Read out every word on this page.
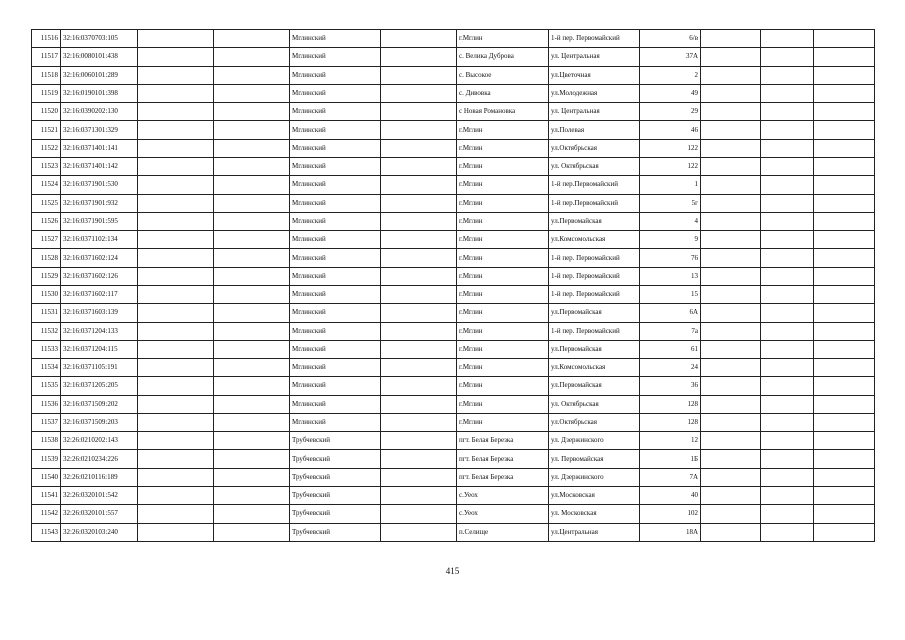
11516	32:16:0370703:105			Мглинский		г.Мглин	1-й пер. Первомайский	6/в			
11517	32:16:0080101:438			Мглинский		с. Велика Дуброва	ул. Центральная	37А			
11518	32:16:0060101:289			Мглинский		с. Высокое	ул.Цветочная	2			
11519	32:16:0190101:398			Мглинский		с. Дивовка	ул.Молодежная	49			
11520	32:16:0390202:130			Мглинский		с Новая Романовка	ул. Центральная	29			
11521	32:16:0371301:329			Мглинский		г.Мглин	ул.Полевая	46			
11522	32:16:0371401:141			Мглинский		г.Мглин	ул.Октябрьская	122			
11523	32:16:0371401:142			Мглинский		г.Мглин	ул. Октябрьская	122			
11524	32:16:0371901:530			Мглинский		г.Мглин	1-й пер.Первомайский	1			
11525	32:16:0371901:932			Мглинский		г.Мглин	1-й пер.Первомайский	5г			
11526	32:16:0371901:595			Мглинский		г.Мглин	ул.Первомайская	4			
11527	32:16:0371102:134			Мглинский		г.Мглин	ул.Комсомольская	9			
11528	32:16:0371602:124			Мглинский		г.Мглин	1-й пер. Первомайский	76			
11529	32:16:0371602:126			Мглинский		г.Мглин	1-й пер. Первомайский	13			
11530	32:16:0371602:117			Мглинский		г.Мглин	1-й пер. Первомайский	15			
11531	32:16:0371603:139			Мглинский		г.Мглин	ул.Первомайская	6А			
11532	32:16:0371204:133			Мглинский		г.Мглин	1-й пер. Первомайский	7а			
11533	32:16:0371204:115			Мглинский		г.Мглин	ул.Первомайская	61			
11534	32:16:0371105:191			Мглинский		г.Мглин	ул.Комсомольская	24			
11535	32:16:0371205:205			Мглинский		г.Мглин	ул.Первомайская	36			
11536	32:16:0371509:202			Мглинский		г.Мглин	ул. Октябрьская	128			
11537	32:16:0371509:203			Мглинский		г.Мглин	ул.Октябрьская	128			
11538	32:26:0210202:143			Трубчевский		пгт. Белая Березка	ул. Дзержинского	12			
11539	32:26:0210234:226			Трубчевский		пгт. Белая Березка	ул. Первомайская	1Б			
11540	32:26:0210116:189			Трубчевский		пгт. Белая Березка	ул. Дзержинского	7А			
11541	32:26:0320101:542			Трубчевский		с.Уеох	ул.Московская	40			
11542	32:26:0320101:557			Трубчевский		с.Уеох	ул. Московская	102			
11543	32:26:0320103:240			Трубчевский		п.Селище	ул.Центральная	18А			
415
